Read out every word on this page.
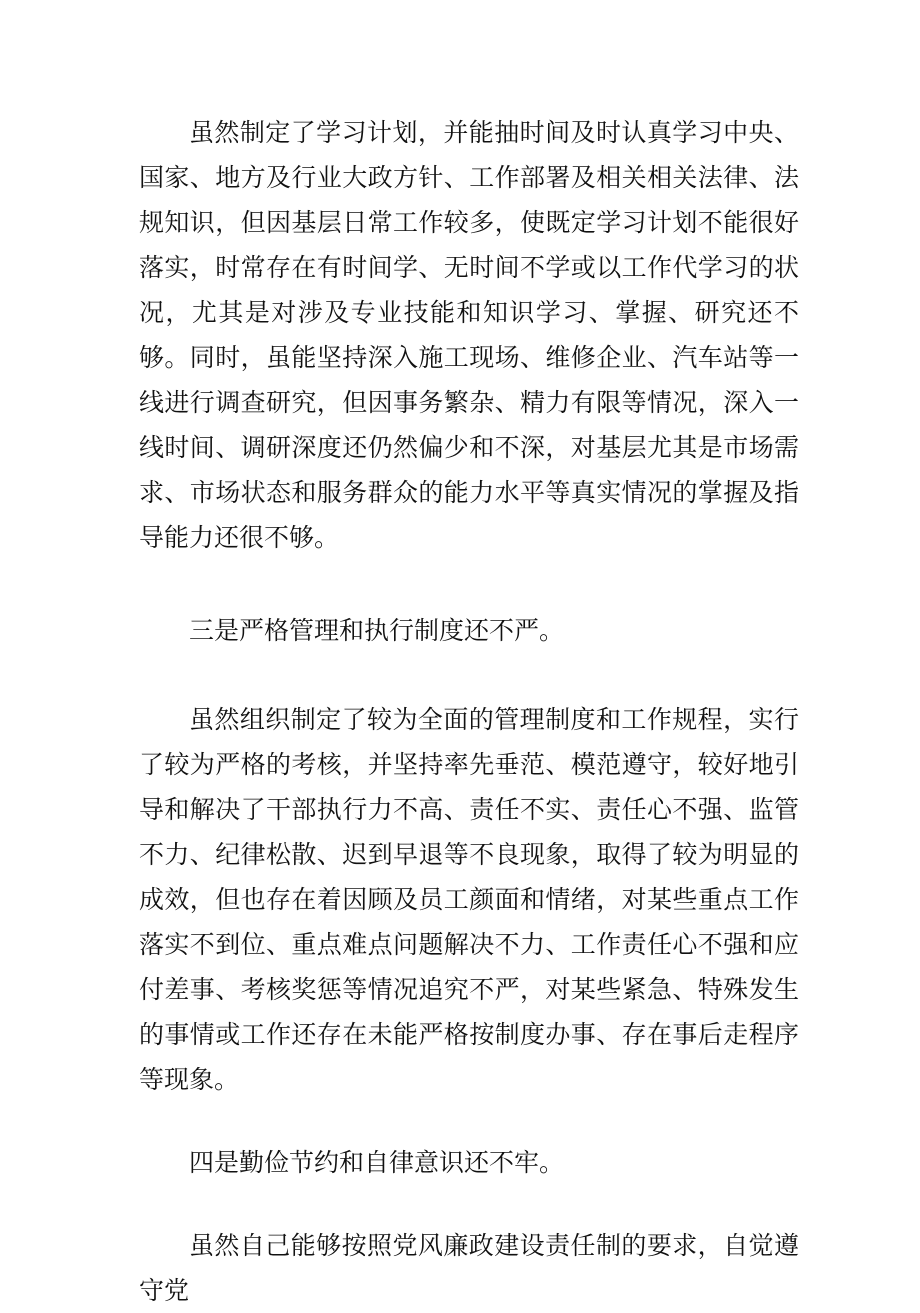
虽然制定了学习计划，并能抽时间及时认真学习中央、国家、地方及行业大政方针、工作部署及相关相关法律、法规知识，但因基层日常工作较多，使既定学习计划不能很好落实，时常存在有时间学、无时间不学或以工作代学习的状况，尤其是对涉及专业技能和知识学习、掌握、研究还不够。同时，虽能坚持深入施工现场、维修企业、汽车站等一线进行调查研究，但因事务繁杂、精力有限等情况，深入一线时间、调研深度还仍然偏少和不深，对基层尤其是市场需求、市场状态和服务群众的能力水平等真实情况的掌握及指导能力还很不够。

三是严格管理和执行制度还不严。

虽然组织制定了较为全面的管理制度和工作规程，实行了较为严格的考核，并坚持率先垂范、模范遵守，较好地引导和解决了干部执行力不高、责任不实、责任心不强、监管不力、纪律松散、迟到早退等不良现象，取得了较为明显的成效，但也存在着因顾及员工颜面和情绪，对某些重点工作落实不到位、重点难点问题解决不力、工作责任心不强和应付差事、考核奖惩等情况追究不严，对某些紧急、特殊发生的事情或工作还存在未能严格按制度办事、存在事后走程序等现象。

四是勤俭节约和自律意识还不牢。

虽然自己能够按照党风廉政建设责任制的要求，自觉遵守党
